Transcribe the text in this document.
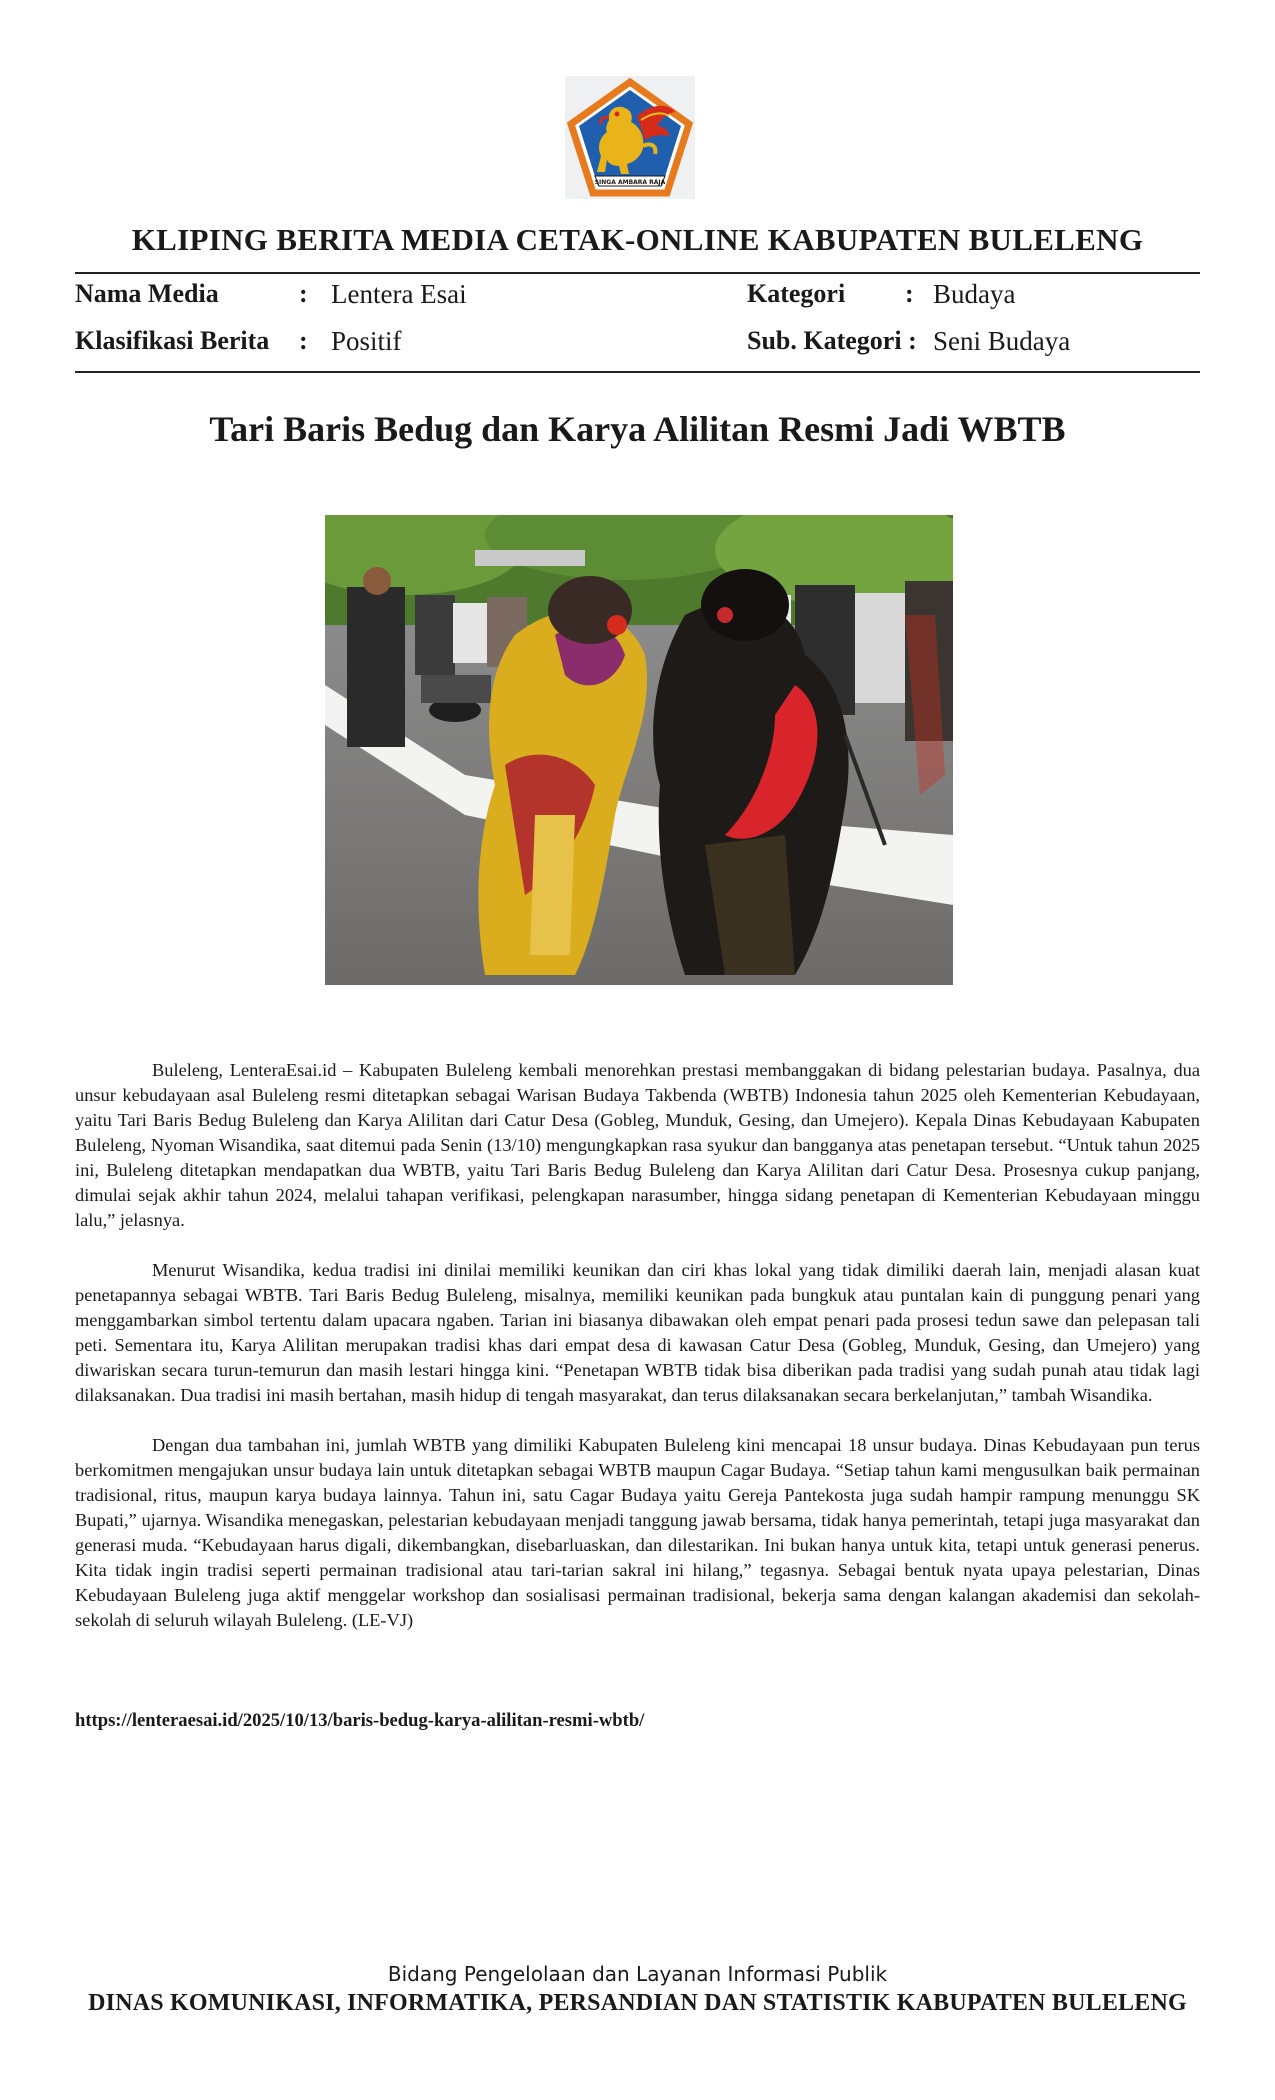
SINGA AMBARA RAJA
KLIPING BERITA MEDIA CETAK-ONLINE KABUPATEN BULELENG
Nama Media	: Lentera Esai
Klasifikasi Berita : Positif
Kategori : Budaya
Sub. Kategori : Seni Budaya
Tari Baris Bedug dan Karya Alilitan Resmi Jadi WBTB

Buleleng, LenteraEsai.id – Kabupaten Buleleng kembali menorehkan prestasi membanggakan di bidang pelestarian budaya. Pasalnya, dua unsur kebudayaan asal Buleleng resmi ditetapkan sebagai Warisan Budaya Takbenda (WBTB) Indonesia tahun 2025 oleh Kementerian Kebudayaan, yaitu Tari Baris Bedug Buleleng dan Karya Alilitan dari Catur Desa (Gobleg, Munduk, Gesing, dan Umejero). Kepala Dinas Kebudayaan Kabupaten Buleleng, Nyoman Wisandika, saat ditemui pada Senin (13/10) mengungkapkan rasa syukur dan bangganya atas penetapan tersebut. “Untuk tahun 2025 ini, Buleleng ditetapkan mendapatkan dua WBTB, yaitu Tari Baris Bedug Buleleng dan Karya Alilitan dari Catur Desa. Prosesnya cukup panjang, dimulai sejak akhir tahun 2024, melalui tahapan verifikasi, pelengkapan narasumber, hingga sidang penetapan di Kementerian Kebudayaan minggu lalu,” jelasnya.

Menurut Wisandika, kedua tradisi ini dinilai memiliki keunikan dan ciri khas lokal yang tidak dimiliki daerah lain, menjadi alasan kuat penetapannya sebagai WBTB. Tari Baris Bedug Buleleng, misalnya, memiliki keunikan pada bungkuk atau puntalan kain di punggung penari yang menggambarkan simbol tertentu dalam upacara ngaben. Tarian ini biasanya dibawakan oleh empat penari pada prosesi tedun sawe dan pelepasan tali peti. Sementara itu, Karya Alilitan merupakan tradisi khas dari empat desa di kawasan Catur Desa (Gobleg, Munduk, Gesing, dan Umejero) yang diwariskan secara turun-temurun dan masih lestari hingga kini. “Penetapan WBTB tidak bisa diberikan pada tradisi yang sudah punah atau tidak lagi dilaksanakan. Dua tradisi ini masih bertahan, masih hidup di tengah masyarakat, dan terus dilaksanakan secara berkelanjutan,” tambah Wisandika.

Dengan dua tambahan ini, jumlah WBTB yang dimiliki Kabupaten Buleleng kini mencapai 18 unsur budaya. Dinas Kebudayaan pun terus berkomitmen mengajukan unsur budaya lain untuk ditetapkan sebagai WBTB maupun Cagar Budaya. “Setiap tahun kami mengusulkan baik permainan tradisional, ritus, maupun karya budaya lainnya. Tahun ini, satu Cagar Budaya yaitu Gereja Pantekosta juga sudah hampir rampung menunggu SK Bupati,” ujarnya. Wisandika menegaskan, pelestarian kebudayaan menjadi tanggung jawab bersama, tidak hanya pemerintah, tetapi juga masyarakat dan generasi muda. “Kebudayaan harus digali, dikembangkan, disebarluaskan, dan dilestarikan. Ini bukan hanya untuk kita, tetapi untuk generasi penerus. Kita tidak ingin tradisi seperti permainan tradisional atau tari-tarian sakral ini hilang,” tegasnya. Sebagai bentuk nyata upaya pelestarian, Dinas Kebudayaan Buleleng juga aktif menggelar workshop dan sosialisasi permainan tradisional, bekerja sama dengan kalangan akademisi dan sekolah-sekolah di seluruh wilayah Buleleng. (LE-VJ)

https://lenteraesai.id/2025/10/13/baris-bedug-karya-alilitan-resmi-wbtb/
Bidang Pengelolaan dan Layanan Informasi Publik
DINAS KOMUNIKASI, INFORMATIKA, PERSANDIAN DAN STATISTIK KABUPATEN BULELENG
